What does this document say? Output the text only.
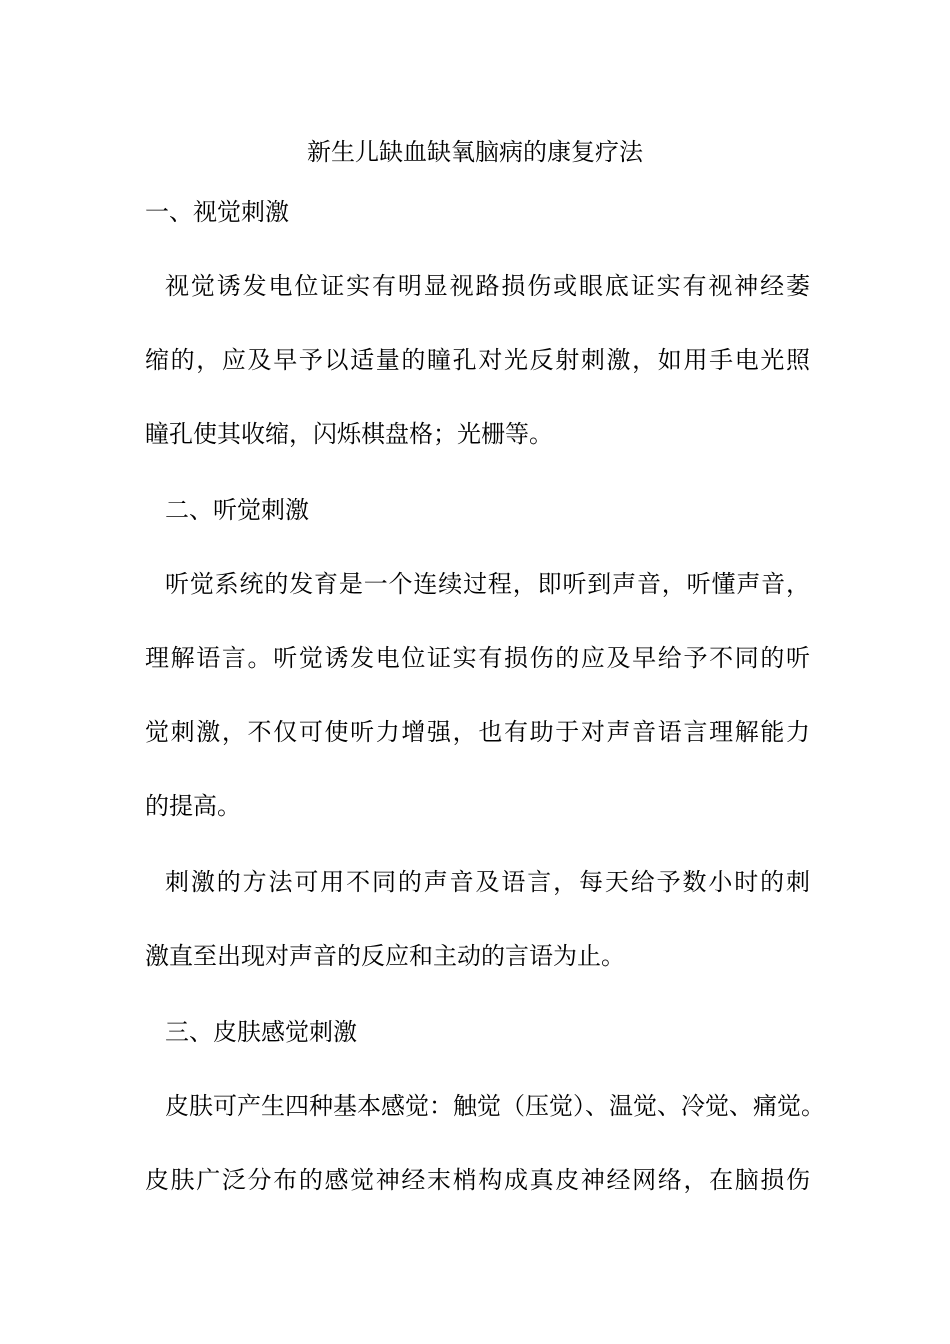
新生儿缺血缺氧脑病的康复疗法
一、视觉刺激
视觉诱发电位证实有明显视路损伤或眼底证实有视神经萎
缩的，应及早予以适量的瞳孔对光反射刺激，如用手电光照
瞳孔使其收缩，闪烁棋盘格；光栅等。
二、听觉刺激
听觉系统的发育是一个连续过程，即听到声音，听懂声音，
理解语言。听觉诱发电位证实有损伤的应及早给予不同的听
觉刺激，不仅可使听力增强，也有助于对声音语言理解能力
的提高。
刺激的方法可用不同的声音及语言，每天给予数小时的刺
激直至出现对声音的反应和主动的言语为止。
三、皮肤感觉刺激
皮肤可产生四种基本感觉：触觉（压觉）、温觉、冷觉、痛觉。
皮肤广泛分布的感觉神经末梢构成真皮神经网络，在脑损伤
